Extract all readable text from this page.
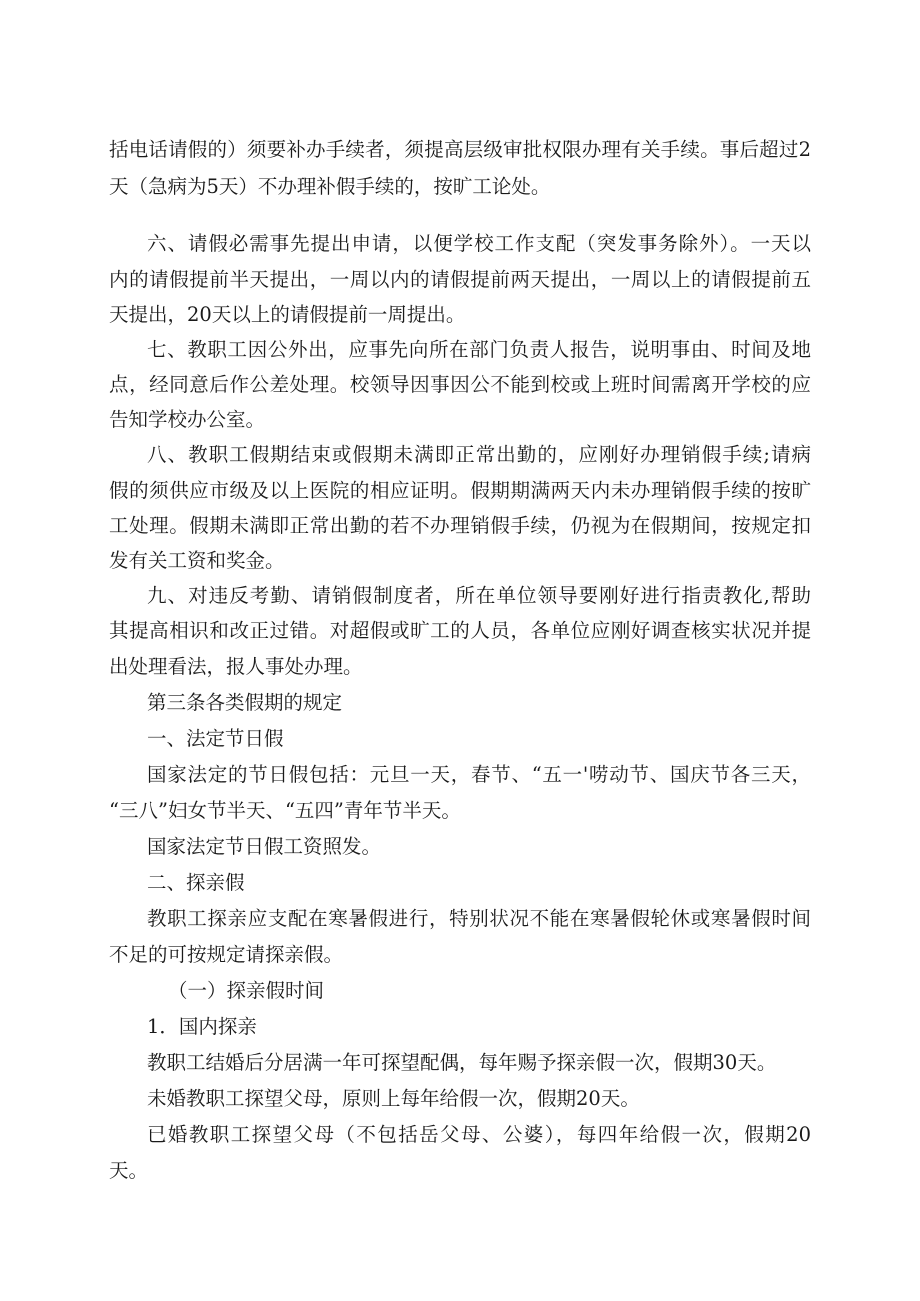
括电话请假的）须要补办手续者，须提高层级审批权限办理有关手续。事后超过2
天（急病为5天）不办理补假手续的，按旷工论处。
六、请假必需事先提出申请，以便学校工作支配（突发事务除外）。一天以
内的请假提前半天提出，一周以内的请假提前两天提出，一周以上的请假提前五
天提出，20天以上的请假提前一周提出。
七、教职工因公外出，应事先向所在部门负责人报告，说明事由、时间及地
点，经同意后作公差处理。校领导因事因公不能到校或上班时间需离开学校的应
告知学校办公室。
八、教职工假期结束或假期未满即正常出勤的，应刚好办理销假手续;请病
假的须供应市级及以上医院的相应证明。假期期满两天内未办理销假手续的按旷
工处理。假期未满即正常出勤的若不办理销假手续，仍视为在假期间，按规定扣
发有关工资和奖金。
九、对违反考勤、请销假制度者，所在单位领导要刚好进行指责教化,帮助
其提高相识和改正过错。对超假或旷工的人员，各单位应刚好调查核实状况并提
出处理看法，报人事处办理。
第三条各类假期的规定
一、法定节日假
国家法定的节日假包括：元旦一天，春节、“五一'唠动节、国庆节各三天，
“三八”妇女节半天、“五四”青年节半天。
国家法定节日假工资照发。
二、探亲假
教职工探亲应支配在寒暑假进行，特别状况不能在寒暑假轮休或寒暑假时间
不足的可按规定请探亲假。
（一）探亲假时间
1．国内探亲
教职工结婚后分居满一年可探望配偶，每年赐予探亲假一次，假期30天。
未婚教职工探望父母，原则上每年给假一次，假期20天。
已婚教职工探望父母（不包括岳父母、公婆），每四年给假一次，假期20
天。
